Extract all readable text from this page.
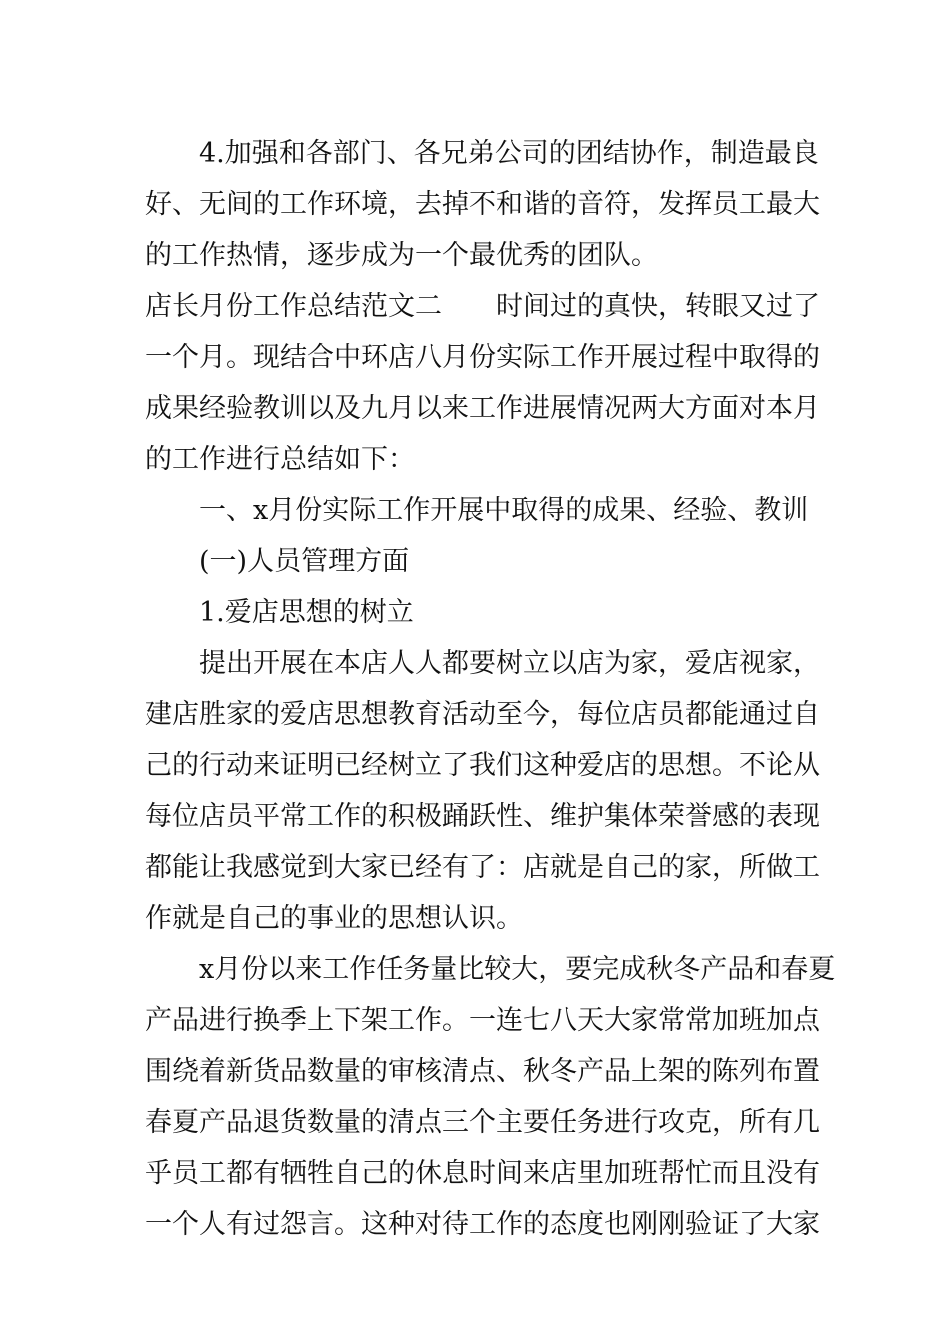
4.加强和各部门、各兄弟公司的团结协作，制造最良
好、无间的工作环境，去掉不和谐的音符，发挥员工最大
的工作热情，逐步成为一个最优秀的团队。
店长月份工作总结范文二　　时间过的真快，转眼又过了
一个月。现结合中环店八月份实际工作开展过程中取得的
成果经验教训以及九月以来工作进展情况两大方面对本月
的工作进行总结如下：
一、x月份实际工作开展中取得的成果、经验、教训
(一)人员管理方面
1.爱店思想的树立
提出开展在本店人人都要树立以店为家，爱店视家，
建店胜家的爱店思想教育活动至今，每位店员都能通过自
己的行动来证明已经树立了我们这种爱店的思想。不论从
每位店员平常工作的积极踊跃性、维护集体荣誉感的表现
都能让我感觉到大家已经有了：店就是自己的家，所做工
作就是自己的事业的思想认识。
x月份以来工作任务量比较大，要完成秋冬产品和春夏
产品进行换季上下架工作。一连七八天大家常常加班加点
围绕着新货品数量的审核清点、秋冬产品上架的陈列布置
春夏产品退货数量的清点三个主要任务进行攻克，所有几
乎员工都有牺牲自己的休息时间来店里加班帮忙而且没有
一个人有过怨言。这种对待工作的态度也刚刚验证了大家
